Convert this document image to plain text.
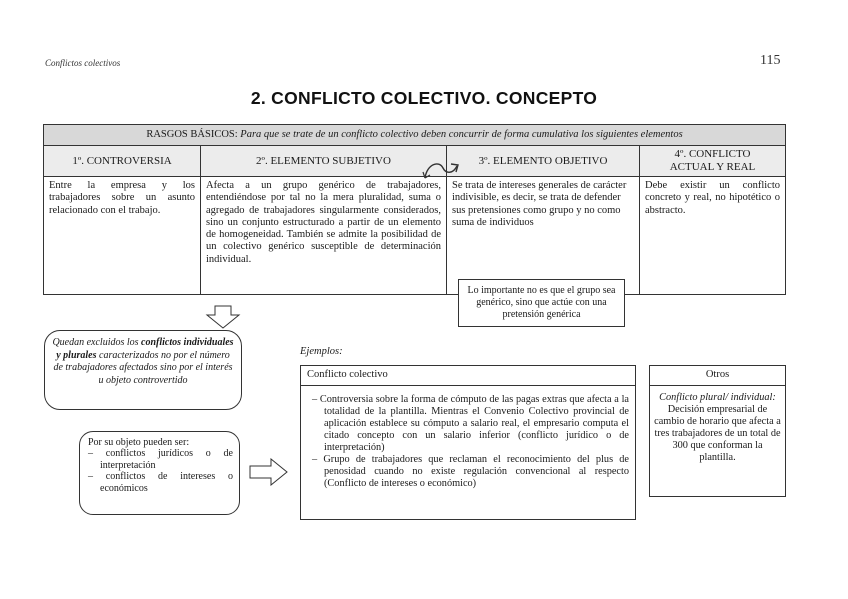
Conflictos colectivos	115
2. CONFLICTO COLECTIVO. CONCEPTO
RASGOS BÁSICOS: Para que se trate de un conflicto colectivo deben concurrir de forma cumulativa los siguientes elementos			
1º. CONTROVERSIA	2º. ELEMENTO SUBJETIVO	3º. ELEMENTO OBJETIVO	4º. CONFLICTO
ACTUAL Y REAL
Entre la empresa y los trabajadores sobre un asunto relacionado con el trabajo.	Afecta a un grupo genérico de trabajadores, entendiéndose por tal no la mera pluralidad, suma o agregado de trabajadores singularmente considerados, sino un conjunto estructurado a partir de un elemento de homogeneidad. También se admite la posibilidad de un colectivo genérico susceptible de determinación individual.	Se trata de intereses generales de carácter
indivisible, es decir, se trata de defender sus pretensiones como grupo y no como suma de individuos	Debe existir un conflicto concreto y real, no hipotético o abstracto.
Lo importante no es que el grupo sea genérico, sino que actúe con una pretensión genérica
Quedan excluidos los conflictos individuales y plurales caracterizados no por el número de trabajadores afectados sino por el interés u objeto controvertido
Por su objeto pueden ser:
– conflictos jurídicos o de interpretación
– conflictos de intereses o económicos
Ejemplos:
Conflicto colectivo
– Controversia sobre la forma de cómputo de las pagas extras que afecta a la totalidad de la plantilla. Mientras el Convenio Colectivo provincial de aplicación establece su cómputo a salario real, el empresario computa el citado concepto con un salario inferior (conflicto jurídico o de interpretación)
– Grupo de trabajadores que reclaman el reconocimiento del plus de penosidad cuando no existe regulación convencional al respecto (Conflicto de intereses o económico)
Otros
Conflicto plural/ individual: Decisión empresarial de cambio de horario que afecta a tres trabajadores de un total de 300 que conforman la plantilla.
